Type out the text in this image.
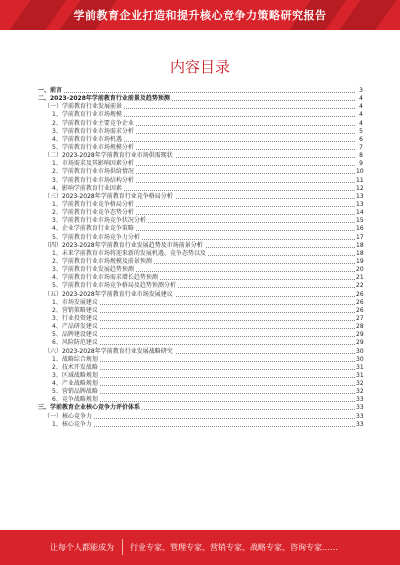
学前教育企业打造和提升核心竞争力策略研究报告
内容目录
一、前言	3
二、2023-2028年学前教育行业前景及趋势预测	4
（一）学前教育行业发展前景	4
1、学前教育行业市场规模	4
2、学前教育行业主要竞争企业	4
3、学前教育行业市场需求分析	5
4、学前教育行业市场机遇	6
5、学前教育行业市场规模分析	7
（二）2023-2028年学前教育行业市场供需现状	8
1、市场需求及其影响因素分析	9
2、学前教育行业市场供给情况	10
3、学前教育行业市场结构分析	11
4、影响学前教育行业因素	12
（三）2023-2028年学前教育行业竞争格局分析	13
1、学前教育行业竞争格局分析	13
2、学前教育行业竞争态势分析	14
3、学前教育行业市场竞争状况分析	15
4、企业学前教育行业竞争策略	16
5、学前教育行业市场竞争力分析	17
（四）2023-2028年学前教育行业发展趋势及市场前景分析	18
1、未来学前教育市场将迎来新的发展机遇、竞争态势以及	18
2、学前教育行业市场规模及前景预测	19
3、学前教育行业发展趋势预测	20
4、学前教育行业市场需求增长趋势预测	21
5、学前教育行业市场竞争格局及趋势预测分析	22
（五）2023-2028年学前教育行业市场发展建议	26
1、市场发展建议	26
2、营销策略建议	26
3、行业投资建议	27
4、产品研发建议	28
5、品牌建设建议	29
6、风险防范建议	29
（六）2023-2028年学前教育行业发展战略研究	30
1、战略综合规划	30
2、技术开发战略	31
3、区域战略规划	31
4、产业战略规划	32
5、营销品牌战略	32
6、竞争战略规划	33
三、学前教育企业核心竞争力评价体系	33
（一）核心竞争力	33
1、核心竞争力	33
让每个人都能成为	行业专家、管理专家、营销专家、战略专家、咨询专家……
